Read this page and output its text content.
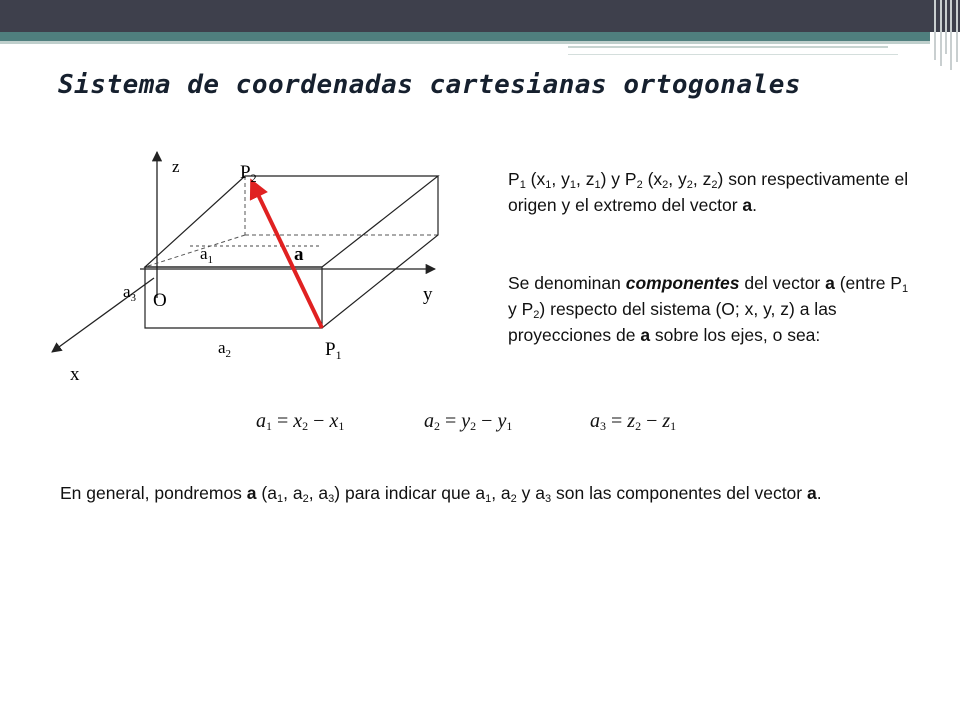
Sistema de coordenadas cartesianas ortogonales
z
y
x
O
a
$P_2$
$P_1$
$a_1$
$a_2$
$a_3$

$P_1$ ($x_1$, $y_1$, $z_1$) y $P_2$ ($x_2$, $y_2$, $z_2$) son respectivamente el origen y el extremo del vector a.

Se denominan componentes del vector a (entre $P_1$ y $P_2$) respecto del sistema (O; x, y, z) a las proyecciones de a sobre los ejes, o sea:

$a_1 = x_2 - x_1$	$a_2 = y_2 - y_1$	$a_3 = z_2 - z_1$

En general, pondremos a ($a_1$, $a_2$, $a_3$) para indicar que $a_1$, $a_2$ y $a_3$ son las componentes del vector a.
